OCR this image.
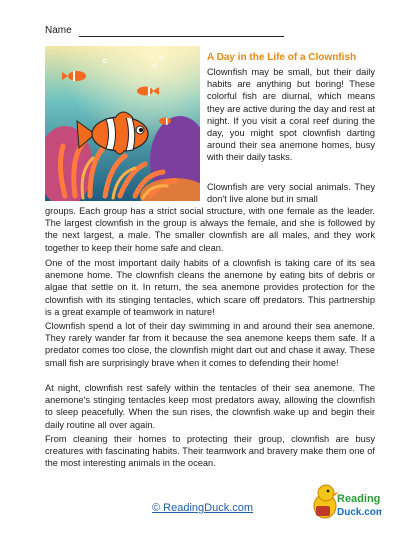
Name
A Day in the Life of a Clownfish

Clownfish may be small, but their daily habits are anything but boring! These colorful fish are diurnal, which means they are active during the day and rest at night. If you visit a coral reef during the day, you might spot clownfish darting around their sea anemone homes, busy with their daily tasks.

Clownfish are very social animals. They don't live alone but in small

groups. Each group has a strict social structure, with one female as the leader. The largest clownfish in the group is always the female, and she is followed by the next largest, a male. The smaller clownfish are all males, and they work together to keep their home safe and clean.

One of the most important daily habits of a clownfish is taking care of its sea anemone home. The clownfish cleans the anemone by eating bits of debris or algae that settle on it. In return, the sea anemone provides protection for the clownfish with its stinging tentacles, which scare off predators. This partnership is a great example of teamwork in nature!

Clownfish spend a lot of their day swimming in and around their sea anemone. They rarely wander far from it because the sea anemone keeps them safe. If a predator comes too close, the clownfish might dart out and chase it away. These small fish are surprisingly brave when it comes to defending their home!

At night, clownfish rest safely within the tentacles of their sea anemone. The anemone's stinging tentacles keep most predators away, allowing the clownfish to sleep peacefully. When the sun rises, the clownfish wake up and begin their daily routine all over again.

From cleaning their homes to protecting their group, clownfish are busy creatures with fascinating habits. Their teamwork and bravery make them one of the most interesting animals in the ocean.

© ReadingDuck.com
Reading
Duck.com
